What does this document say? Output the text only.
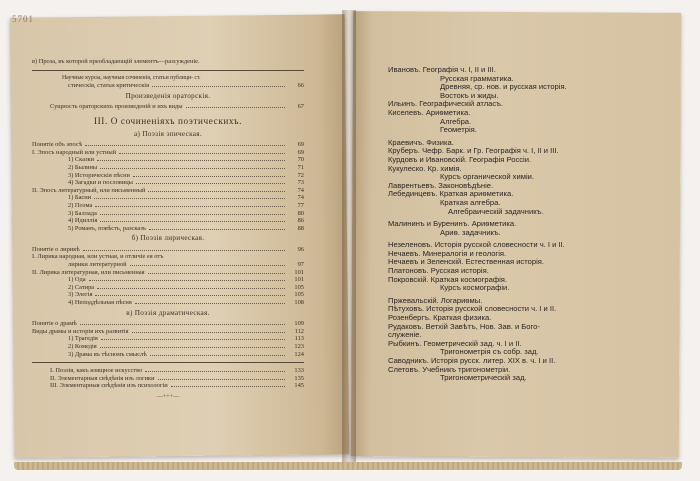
5701
в) Проза, въ которой преобладающiй элементъ—разсужденiе.
Научные курсы, научныя сочиненiя, статьи публици- ст.
стическiя, статьи критическiя	66
Произведенiя ораторскiя.
Сущность ораторскихъ произведенiй и ихъ виды	67
III. О сочиненiяхъ поэтическихъ.
а) Поэзiя эпическая.
Понятiе объ эпосѣ	69
I. Эпосъ народный или устный	69
1) Сказки	70
2) Былины	71
3) Историческiя пѣсни	72
4) Загадки и пословицы	73
II. Эпосъ литературный, или письменный	74
1) Басни	74
2) Поэма	77
3) Баллада	80
4) Идиллiя	86
5) Романъ, повѣсть, разсказъ	88
б) Поэзiя лирическая.
Понятiе о лирикѣ	96
I. Лирика народная, или устная, и отличiе ея отъ
лирики литературной	97
II. Лирика литературная, или письменная	101
1) Ода	101
2) Сатира	105
3) Элегiя	105
4) Неподдѣльная пѣсня	108
в) Поэзiя драматическая.
Понятiе о драмѣ	109
Виды драмы и исторiя ихъ развитiя	112
1) Трагедiя	113
2) Комедiя	123
3) Драма въ тѣсномъ смыслѣ	124
I. Поэзiя, какъ изящное искусство	133
II. Элементарныя свѣдѣнiя изъ логики	135
III. Элементарныя свѣдѣнiя изъ психологiи	145
—+++—
Ивановъ. Географiя ч. I, II и III.
Русская грамматика.
Древняя, ср. нов. и русская исторiя.
Востокъ и жиды.
Ильинъ. Географическiй атласъ.
Киселевъ. Ариѳметика.
Алгебра.
Геометрiя.
Краевичъ. Физика.
Круберъ. Чефр. Барк. и Гр. Географiя ч. I, II и III.
Курдовъ и Ивановскiй. Географiя Россiи.
Кукулеско. Кр. химiя.
Курсъ органической химiи.
Лаврентьевъ. Законовѣдѣнiе.
Лебединцевъ. Краткая ариѳметика.
Краткая алгебра.
Алгебраическiй задачникъ.
Малининъ и Буренинъ. Ариѳметика.
Ариѳ. задачникъ.
Незеленовъ. Исторiя русской словесности ч. I и II.
Нечаевъ. Минералогiя и геологiя.
Нечаевъ и Зеленскiй. Естественная исторiя.
Платоновъ. Русская исторiя.
Покровскiй. Краткая космографiя.
Курсъ космографiи.
Пржевальскiй. Логариѳмы.
Пѣтуховъ. Исторiя русской словесности ч. I и II.
Розенбергъ. Краткая физика.
Рудаковъ. Ветхiй Завѣтъ, Нов. Зав. и Бого-
служенiе.
Рыбкинъ. Геометрическiй зад. ч. I и II.
Тригонометрiя съ собр. зад.
Саводникъ. Исторiя русск. литер. XIX в. ч. I и II.
Слетовъ. Учебникъ тригонометрiи.
Тригонометрическiй зад.
